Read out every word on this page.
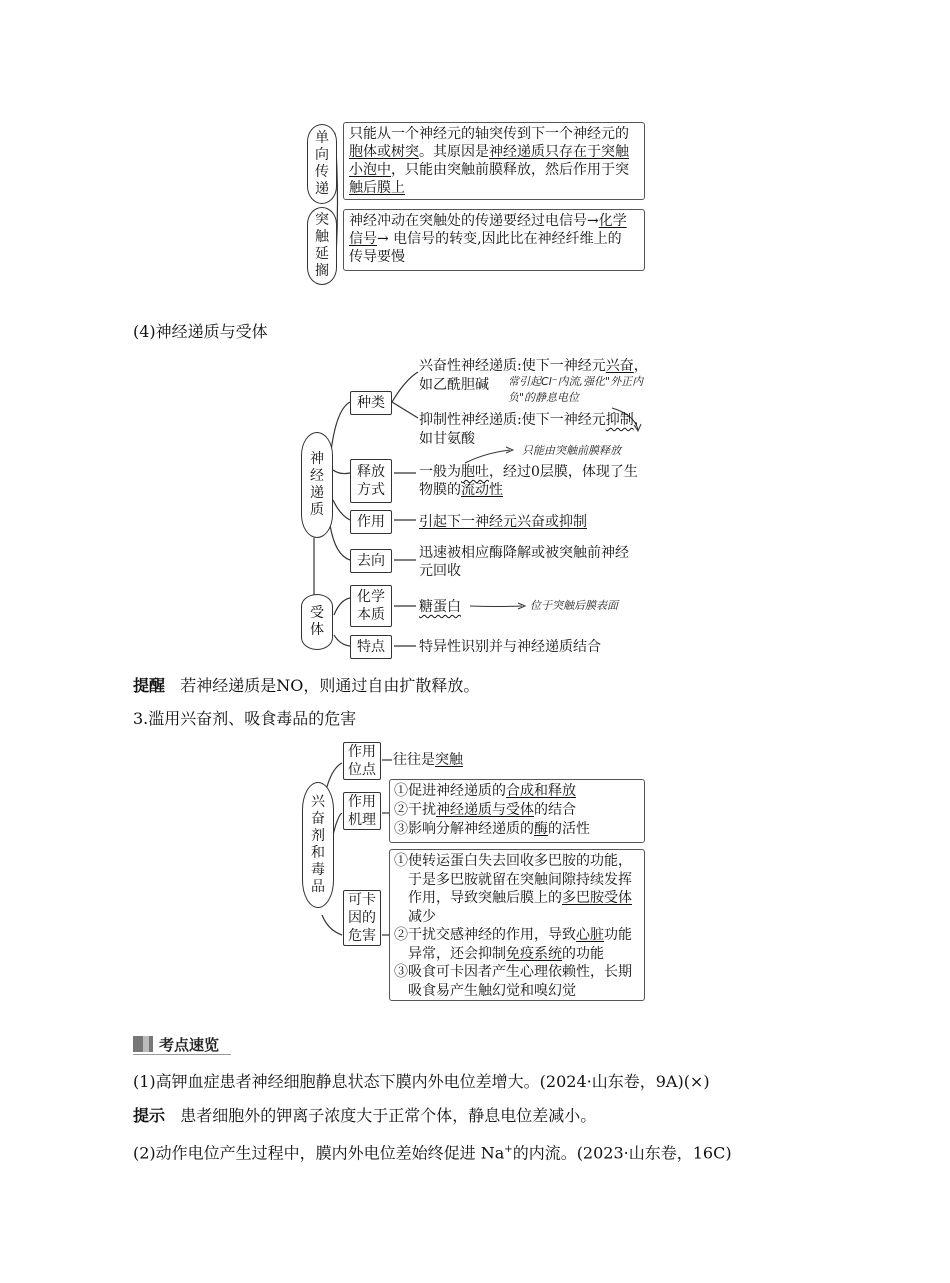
单向传递
只能从一个神经元的轴突传到下一个神经元的
胞体或树突。其原因是神经递质只存在于突触
小泡中，只能由突触前膜释放，然后作用于突
触后膜上
突触延搁
神经冲动在突触处的传递要经过电信号→化学
信号→ 电信号的转变,因此比在神经纤维上的
传导要慢
(4)神经递质与受体
神经递质
受体
种类
兴奋性神经递质:使下一神经元兴奋，
如乙酰胆碱 常引起Cl⁻内流,强化"外正内负"的静息电位
抑制性神经递质:使下一神经元抑制，
如甘氨酸
释放方式
只能由突触前膜释放
一般为胞吐，经过0层膜，体现了生
物膜的流动性
作用	引起下一神经元兴奋或抑制
去向	迅速被相应酶降解或被突触前神经
元回收
化学本质	糖蛋白	位于突触后膜表面
特点	特异性识别并与神经递质结合
提醒 若神经递质是NO，则通过自由扩散释放。
3.滥用兴奋剂、吸食毒品的危害
兴奋剂和毒品
作用位点
往往是突触
作用机理
①促进神经递质的合成和释放
②干扰神经递质与受体的结合
③影响分解神经递质的酶的活性
可卡因的危害
①使转运蛋白失去回收多巴胺的功能，
于是多巴胺就留在突触间隙持续发挥
作用，导致突触后膜上的多巴胺受体
减少
②干扰交感神经的作用，导致心脏功能
异常，还会抑制免疫系统的功能
③吸食可卡因者产生心理依赖性，长期
吸食易产生触幻觉和嗅幻觉
考点速览
(1)高钾血症患者神经细胞静息状态下膜内外电位差增大。(2024·山东卷，9A)(×)
提示 患者细胞外的钾离子浓度大于正常个体，静息电位差减小。
(2)动作电位产生过程中，膜内外电位差始终促进 Na+的内流。(2023·山东卷，16C)
